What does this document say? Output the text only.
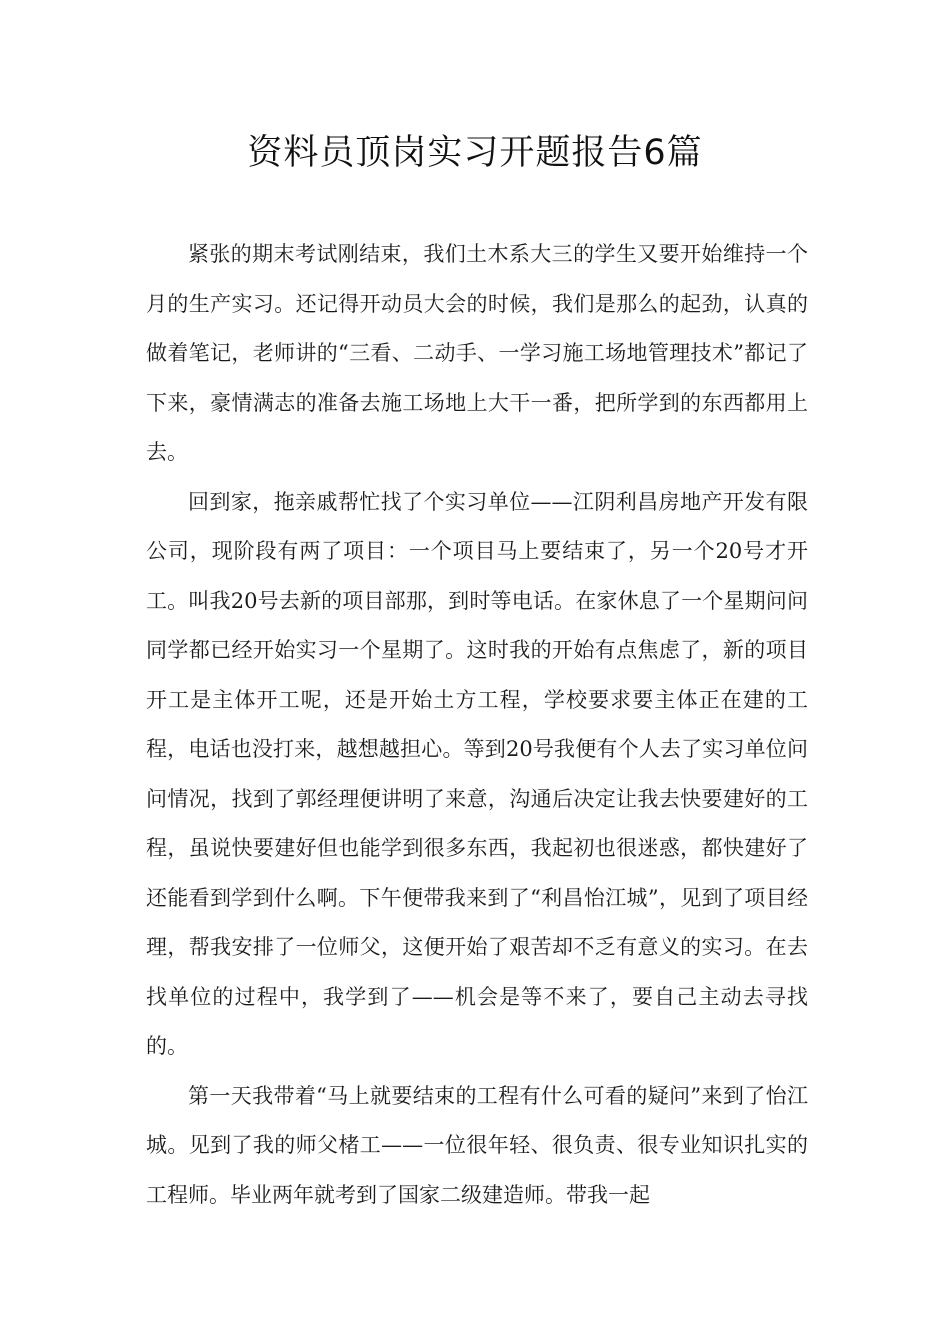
资料员顶岗实习开题报告6篇

紧张的期末考试刚结束，我们土木系大三的学生又要开始维持一个月的生产实习。还记得开动员大会的时候，我们是那么的起劲，认真的做着笔记，老师讲的“三看、二动手、一学习施工场地管理技术”都记了下来，豪情满志的准备去施工场地上大干一番，把所学到的东西都用上去。

回到家，拖亲戚帮忙找了个实习单位——江阴利昌房地产开发有限公司，现阶段有两了项目：一个项目马上要结束了，另一个20号才开工。叫我20号去新的项目部那，到时等电话。在家休息了一个星期问问同学都已经开始实习一个星期了。这时我的开始有点焦虑了，新的项目开工是主体开工呢，还是开始土方工程，学校要求要主体正在建的工程，电话也没打来，越想越担心。等到20号我便有个人去了实习单位问问情况，找到了郭经理便讲明了来意，沟通后决定让我去快要建好的工程，虽说快要建好但也能学到很多东西，我起初也很迷惑，都快建好了还能看到学到什么啊。下午便带我来到了“利昌怡江城”，见到了项目经理，帮我安排了一位师父，这便开始了艰苦却不乏有意义的实习。在去找单位的过程中，我学到了——机会是等不来了，要自己主动去寻找的。

第一天我带着“马上就要结束的工程有什么可看的疑问”来到了怡江城。见到了我的师父楮工——一位很年轻、很负责、很专业知识扎实的工程师。毕业两年就考到了国家二级建造师。带我一起
